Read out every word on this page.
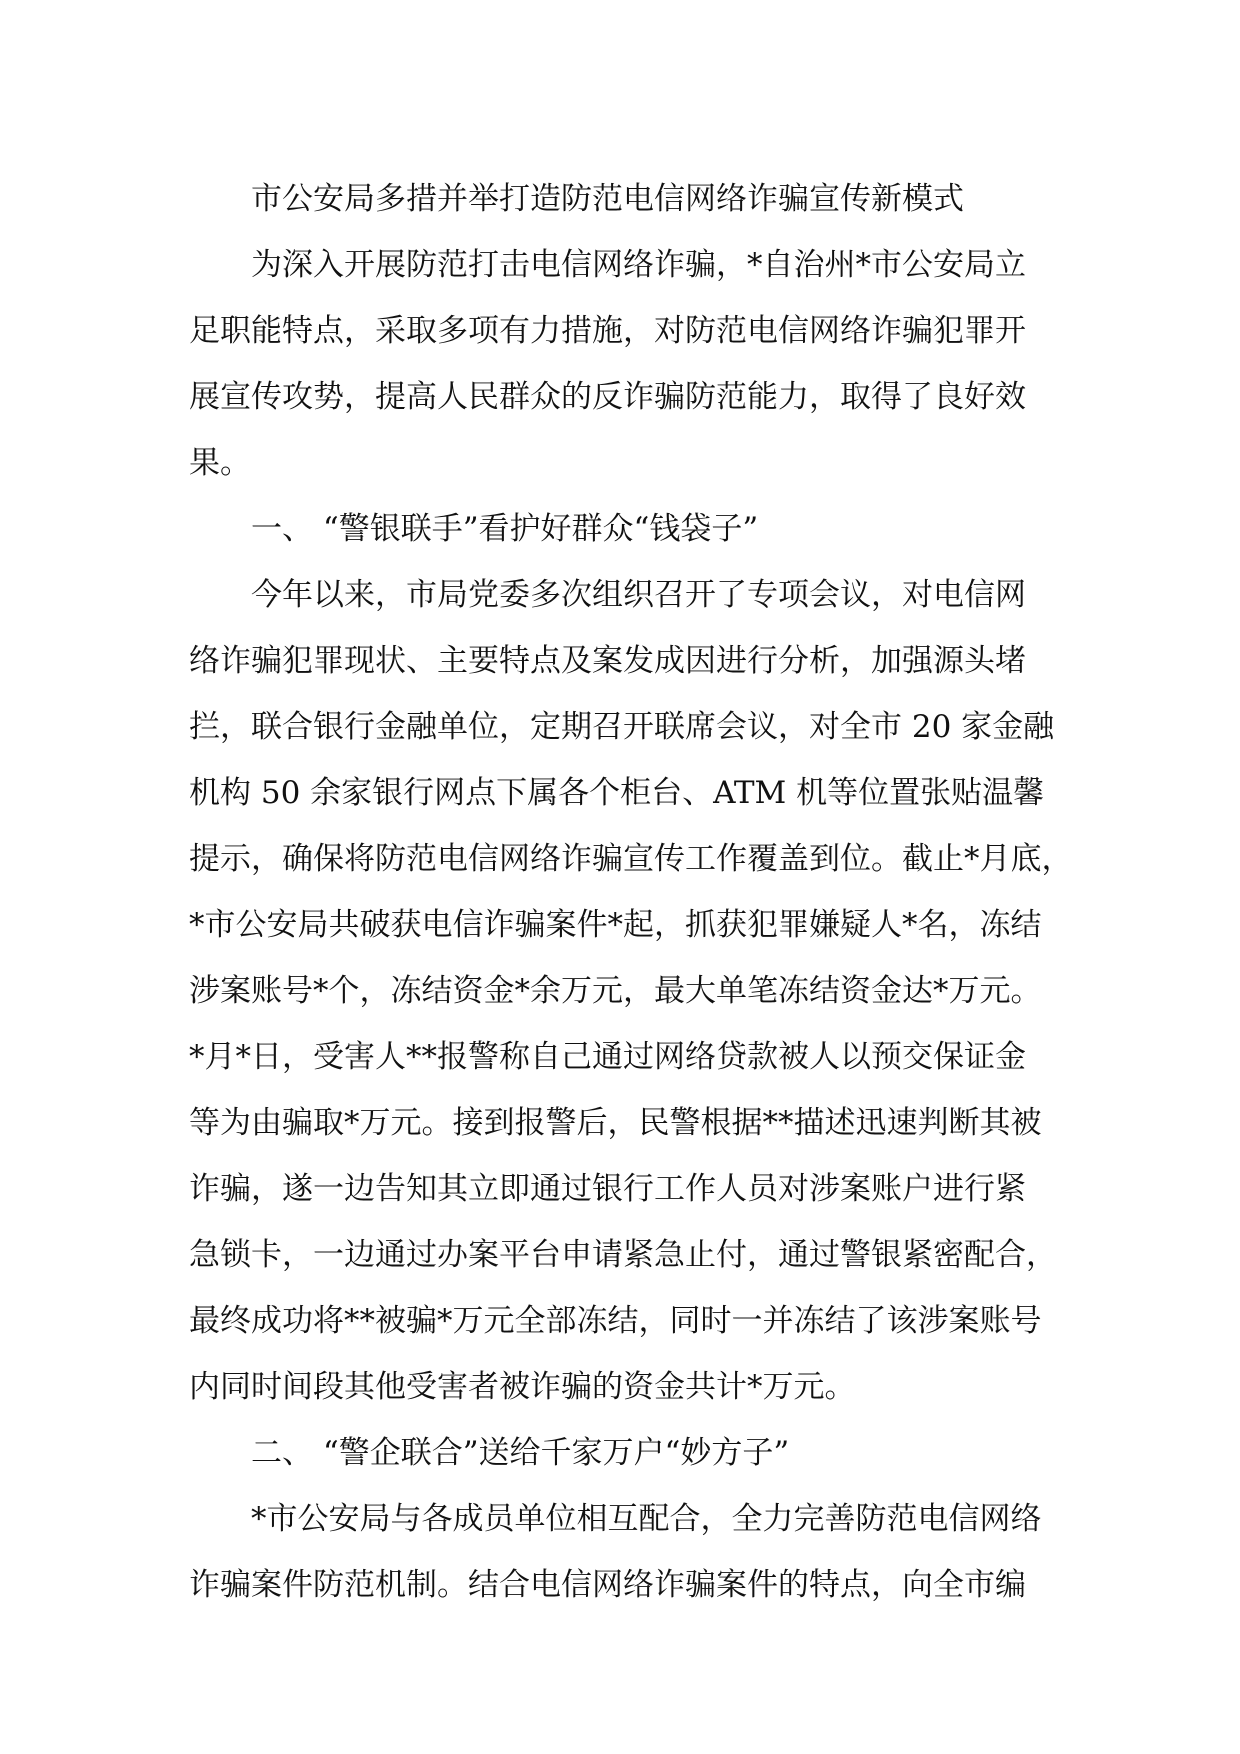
市公安局多措并举打造防范电信网络诈骗宣传新模式
为深入开展防范打击电信网络诈骗，*自治州*市公安局立
足职能特点，采取多项有力措施，对防范电信网络诈骗犯罪开
展宣传攻势，提高人民群众的反诈骗防范能力，取得了良好效
果。
一、 “警银联手”看护好群众“钱袋子”
今年以来，市局党委多次组织召开了专项会议，对电信网
络诈骗犯罪现状、主要特点及案发成因进行分析，加强源头堵
拦，联合银行金融单位，定期召开联席会议，对全市 20 家金融
机构 50 余家银行网点下属各个柜台、ATM 机等位置张贴温馨
提示，确保将防范电信网络诈骗宣传工作覆盖到位。截止*月底，
*市公安局共破获电信诈骗案件*起，抓获犯罪嫌疑人*名，冻结
涉案账号*个，冻结资金*余万元，最大单笔冻结资金达*万元。
*月*日，受害人**报警称自己通过网络贷款被人以预交保证金
等为由骗取*万元。接到报警后，民警根据**描述迅速判断其被
诈骗，遂一边告知其立即通过银行工作人员对涉案账户进行紧
急锁卡，一边通过办案平台申请紧急止付，通过警银紧密配合，
最终成功将**被骗*万元全部冻结，同时一并冻结了该涉案账号
内同时间段其他受害者被诈骗的资金共计*万元。
二、 “警企联合”送给千家万户“妙方子”
*市公安局与各成员单位相互配合，全力完善防范电信网络
诈骗案件防范机制。结合电信网络诈骗案件的特点，向全市编
